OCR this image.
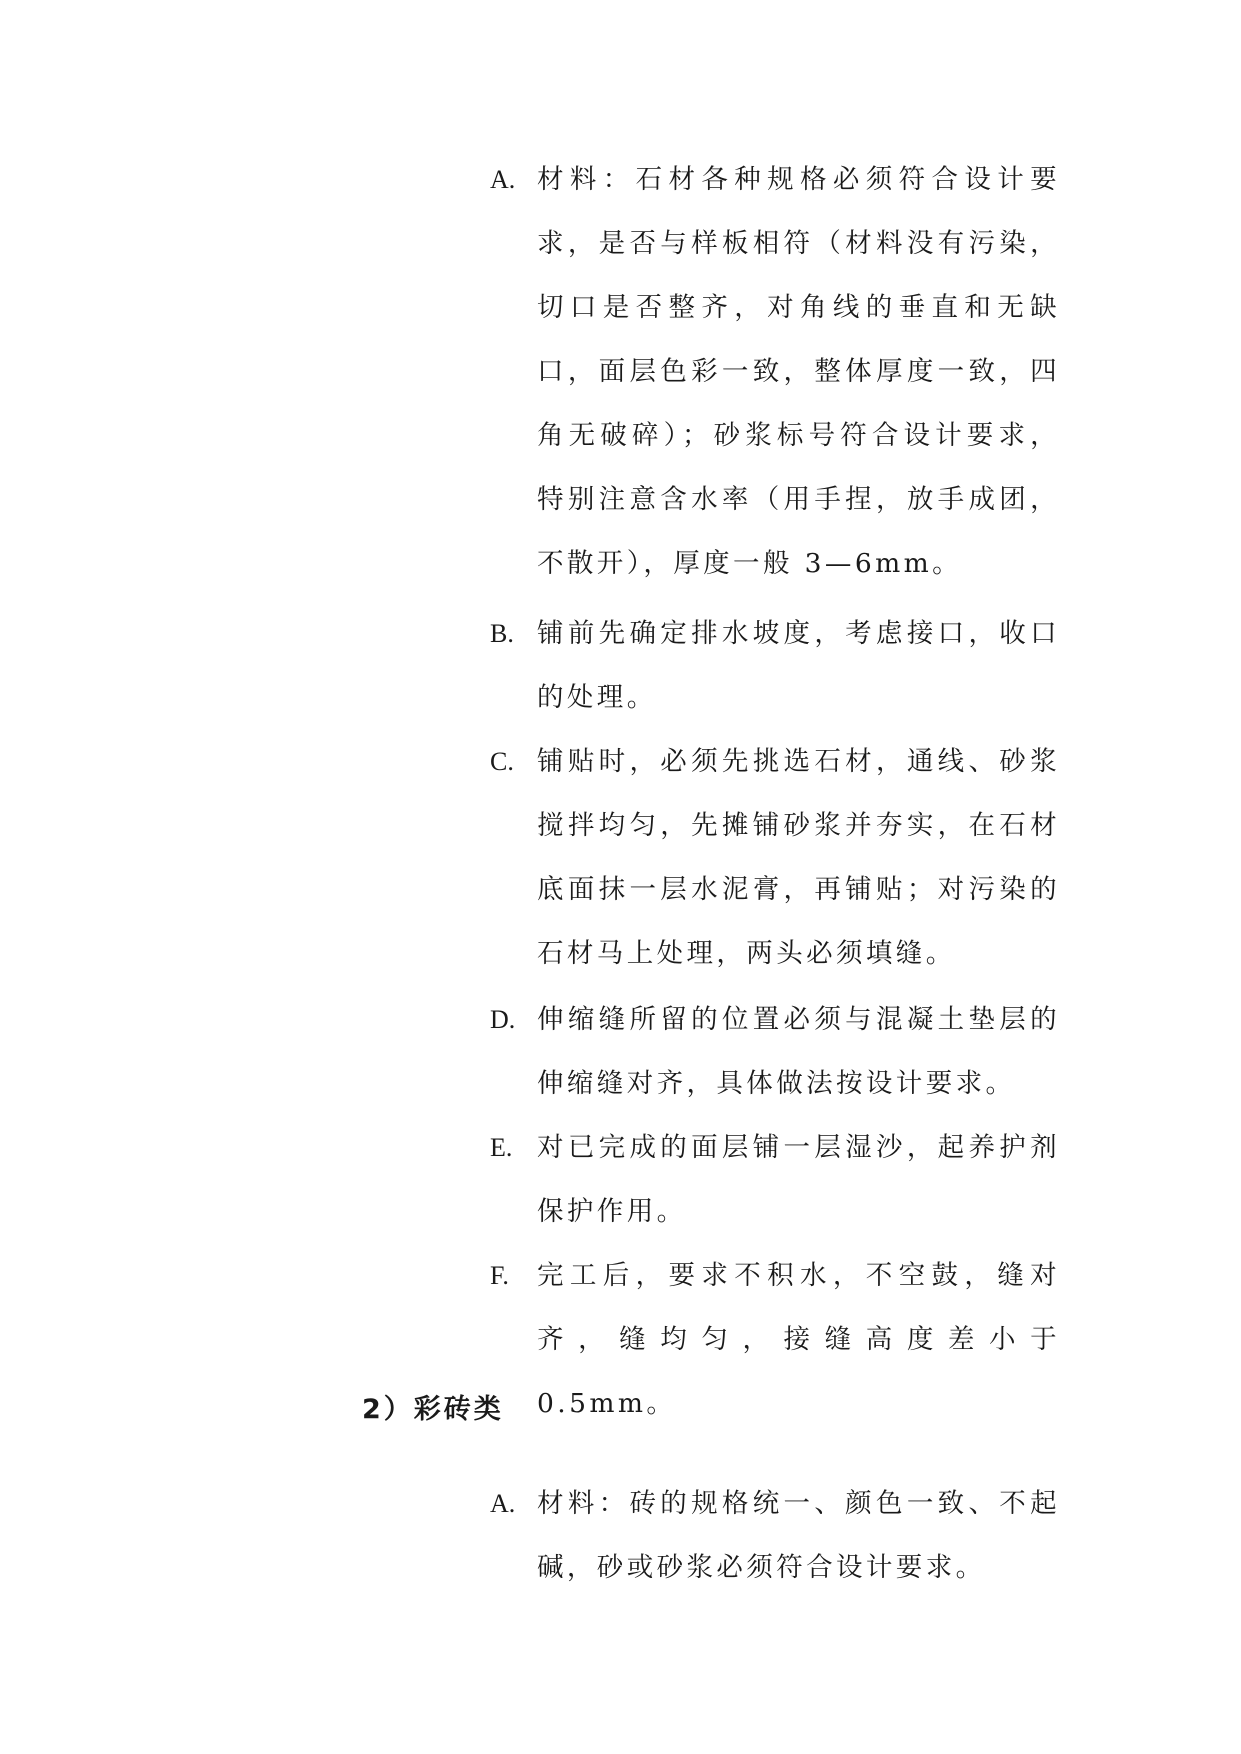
A. 材料：石材各种规格必须符合设计要求，是否与样板相符（材料没有污染，切口是否整齐，对角线的垂直和无缺口，面层色彩一致，整体厚度一致，四角无破碎）；砂浆标号符合设计要求，特别注意含水率（用手捏，放手成团，不散开），厚度一般 3—6mm。
B. 铺前先确定排水坡度，考虑接口，收口的处理。
C. 铺贴时，必须先挑选石材，通线、砂浆搅拌均匀，先摊铺砂浆并夯实，在石材底面抹一层水泥膏，再铺贴；对污染的石材马上处理，两头必须填缝。
D. 伸缩缝所留的位置必须与混凝土垫层的伸缩缝对齐，具体做法按设计要求。
E. 对已完成的面层铺一层湿沙，起养护剂保护作用。
F.	完工后，要求不积水，不空鼓，缝对齐，缝均匀，接缝高度差小于 0.5mm。
2）彩砖类
A. 材料：砖的规格统一、颜色一致、不起碱，砂或砂浆必须符合设计要求。
